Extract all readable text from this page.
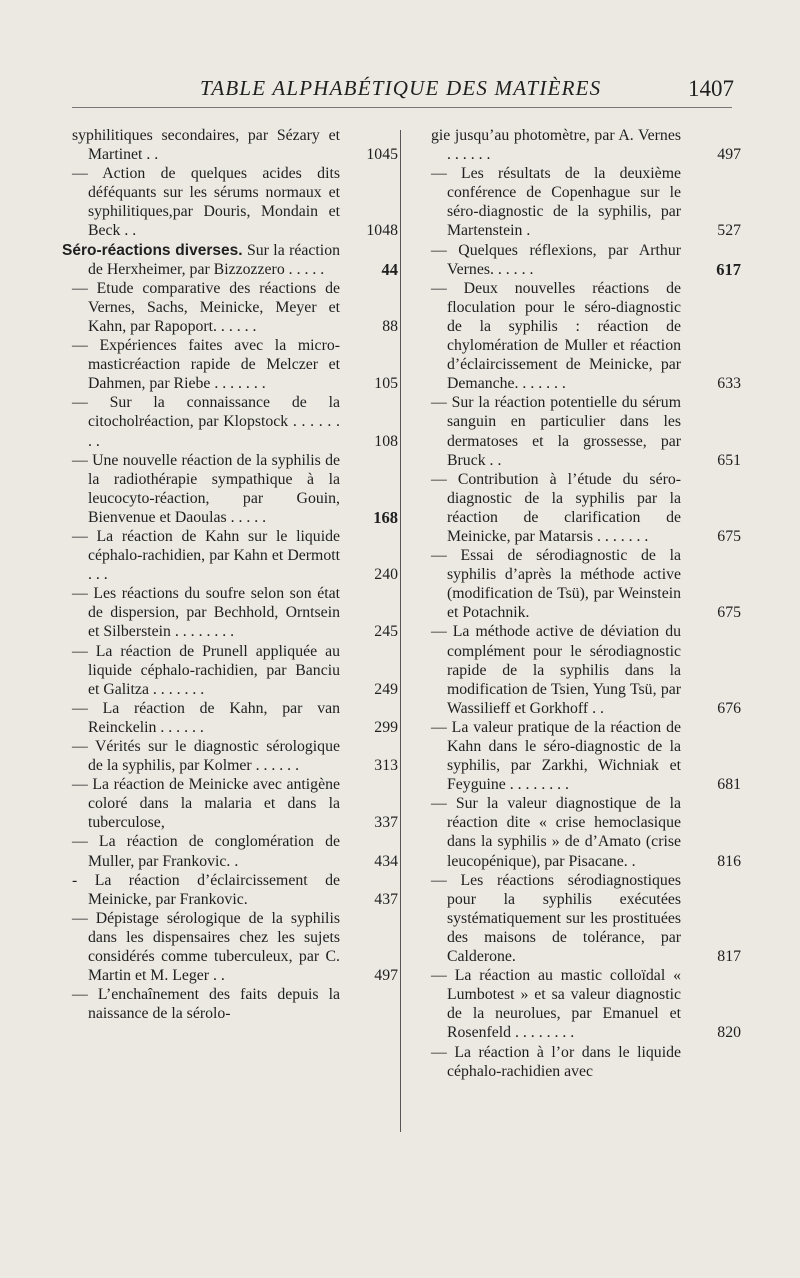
TABLE ALPHABÉTIQUE DES MATIÈRES	1407
syphilitiques secondaires, par Sézary et Martinet . .	1045
— Action de quelques acides dits déféquants sur les sérums normaux et syphilitiques,par Douris, Mondain et Beck . .	1048
Séro-réactions diverses. Sur la réaction de Herxheimer, par Bizzozzero . . . . .	44
— Etude comparative des réactions de Vernes, Sachs, Meinicke, Meyer et Kahn, par Rapoport. . . . . .	88
— Expériences faites avec la micro-masticréaction rapide de Melczer et Dahmen, par Riebe . . . . . . .	105
— Sur la connaissance de la citocholréaction, par Klopstock . . . . . . . .	108
— Une nouvelle réaction de la syphilis de la radiothérapie sympathique à la leucocyto-réaction, par Gouin, Bienvenue et Daoulas . . . . .	168
— La réaction de Kahn sur le liquide céphalo-rachidien, par Kahn et Dermott . . .	240
— Les réactions du soufre selon son état de dispersion, par Bechhold, Orntsein et Silberstein . . . . . . . .	245
— La réaction de Prunell appliquée au liquide céphalo-rachidien, par Banciu et Galitza . . . . . . .	249
— La réaction de Kahn, par van Reinckelin . . . . . .	299
— Vérités sur le diagnostic sérologique de la syphilis, par Kolmer . . . . . .	313
— La réaction de Meinicke avec antigène coloré dans la malaria et dans la tuberculose,	337
— La réaction de conglomération de Muller, par Frankovic. .	434
- La réaction d’éclaircissement de Meinicke, par Frankovic.	437
— Dépistage sérologique de la syphilis dans les dispensaires chez les sujets considérés comme tuberculeux, par C. Martin et M. Leger . .	497
— L’enchaînement des faits depuis la naissance de la sérolo-
gie jusqu’au photomètre, par A. Vernes . . . . . .	497
— Les résultats de la deuxième conférence de Copenhague sur le séro-diagnostic de la syphilis, par Martenstein .	527
— Quelques réflexions, par Arthur Vernes. . . . . .	617
— Deux nouvelles réactions de floculation pour le séro-diagnostic de la syphilis : réaction de chylomération de Muller et réaction d’éclaircissement de Meinicke, par Demanche. . . . . . .	633
— Sur la réaction potentielle du sérum sanguin en particulier dans les dermatoses et la grossesse, par Bruck . .	651
— Contribution à l’étude du séro-diagnostic de la syphilis par la réaction de clarification de Meinicke, par Matarsis . . . . . . .	675
— Essai de sérodiagnostic de la syphilis d’après la méthode active (modification de Tsü), par Weinstein et Potachnik.	675
— La méthode active de déviation du complément pour le sérodiagnostic rapide de la syphilis dans la modification de Tsien, Yung Tsü, par Wassilieff et Gorkhoff . .	676
— La valeur pratique de la réaction de Kahn dans le séro-diagnostic de la syphilis, par Zarkhi, Wichniak et Feyguine . . . . . . . .	681
— Sur la valeur diagnostique de la réaction dite « crise hemoclasique dans la syphilis » de d’Amato (crise leucopénique), par Pisacane. .	816
— Les réactions sérodiagnostiques pour la syphilis exécutées systématiquement sur les prostituées des maisons de tolérance, par Calderone.	817
— La réaction au mastic colloïdal « Lumbotest » et sa valeur diagnostic de la neurolues, par Emanuel et Rosenfeld . . . . . . . .	820
— La réaction à l’or dans le liquide céphalo-rachidien avec
